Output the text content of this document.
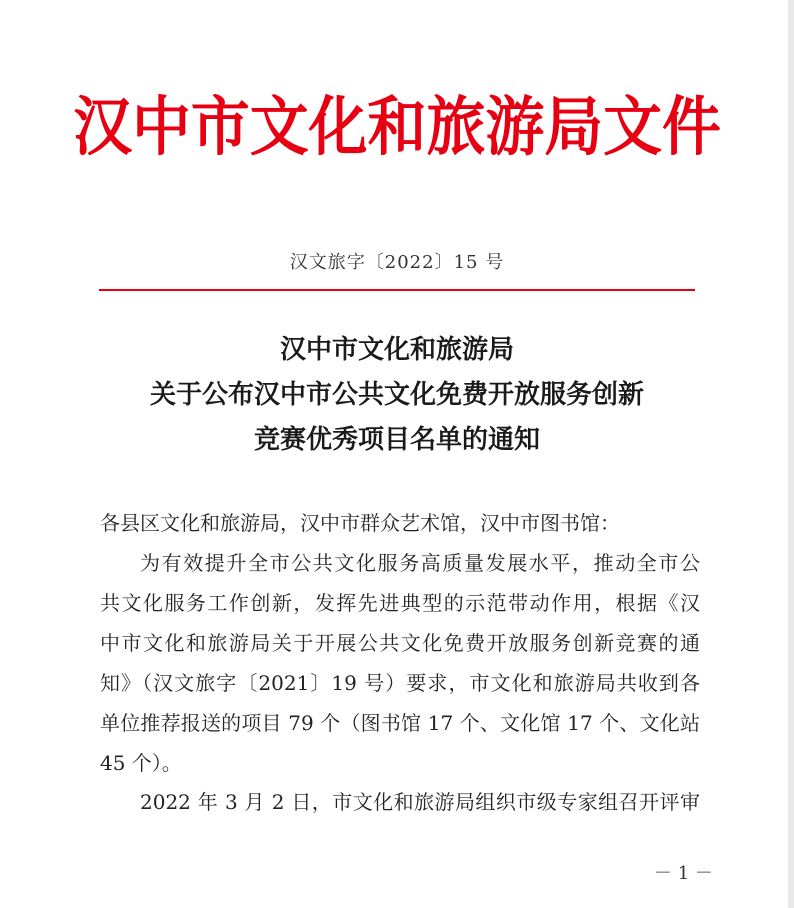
汉中市文化和旅游局文件
汉文旅字〔2022〕15 号
汉中市文化和旅游局
关于公布汉中市公共文化免费开放服务创新
竞赛优秀项目名单的通知
各县区文化和旅游局，汉中市群众艺术馆，汉中市图书馆：
为有效提升全市公共文化服务高质量发展水平，推动全市公
共文化服务工作创新，发挥先进典型的示范带动作用，根据《汉
中市文化和旅游局关于开展公共文化免费开放服务创新竞赛的通
知》（汉文旅字〔2021〕19 号）要求，市文化和旅游局共收到各
单位推荐报送的项目 79 个（图书馆 17 个、文化馆 17 个、文化站
45 个）。
2022 年 3 月 2 日，市文化和旅游局组织市级专家组召开评审
－ 1 －
